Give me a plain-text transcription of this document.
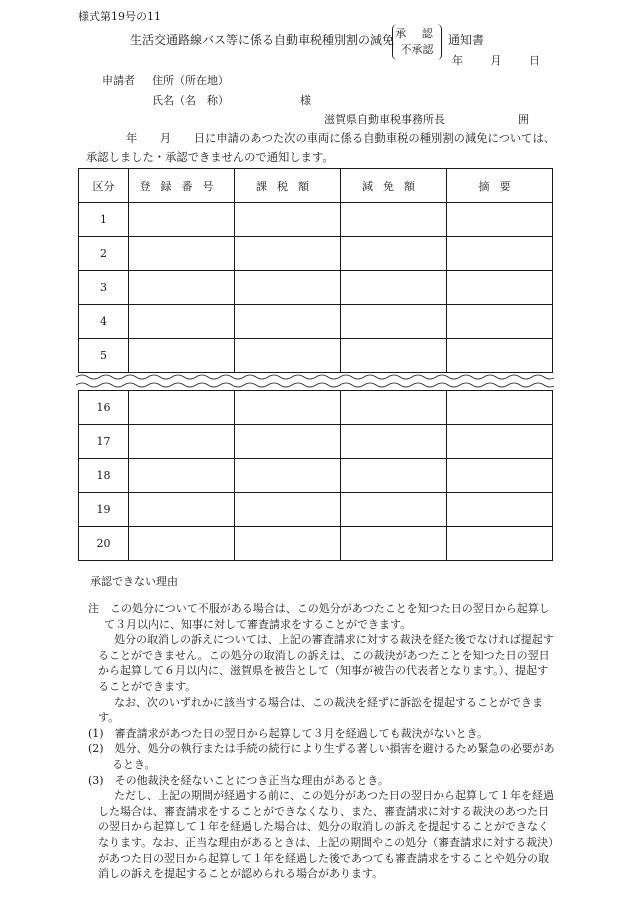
様式第19号の11
生活交通路線バス等に係る自動車税種別割の減免 承 認
不承認
通知書
年	月	日
申請者 住所（所在地）
氏名（名　称）	様
滋賀県自動車税事務所長	囲
年　　月　　日に申請のあつた次の車両に係る自動車税の種別割の減免については、承認しました・承認できませんので通知します。
区分	登録番号	課税額	減免額	摘要
1				
2				
3				
4				
5				
16				
17				
18				
19				
20				
承認できない理由

注　この処分について不服がある場合は、この処分があつたことを知つた日の翌日から起算して３月以内に、知事に対して審査請求をすることができます。

処分の取消しの訴えについては、上記の審査請求に対する裁決を経た後でなければ提起することができません。この処分の取消しの訴えは、この裁決があつたことを知つた日の翌日から起算して６月以内に、滋賀県を被告として（知事が被告の代表者となります。）、提起することができます。

なお、次のいずれかに該当する場合は、この裁決を経ずに訴訟を提起することができます。

(1)　審査請求があつた日の翌日から起算して３月を経過しても裁決がないとき。

(2)　処分、処分の執行または手続の続行により生ずる著しい損害を避けるため緊急の必要があるとき。

(3)　その他裁決を経ないことにつき正当な理由があるとき。

ただし、上記の期間が経過する前に、この処分があつた日の翌日から起算して１年を経過した場合は、審査請求をすることができなくなり、また、審査請求に対する裁決のあつた日の翌日から起算して１年を経過した場合は、処分の取消しの訴えを提起することができなくなります。なお、正当な理由があるときは、上記の期間やこの処分（審査請求に対する裁決）があつた日の翌日から起算して１年を経過した後であつても審査請求をすることや処分の取消しの訴えを提起することが認められる場合があります。
